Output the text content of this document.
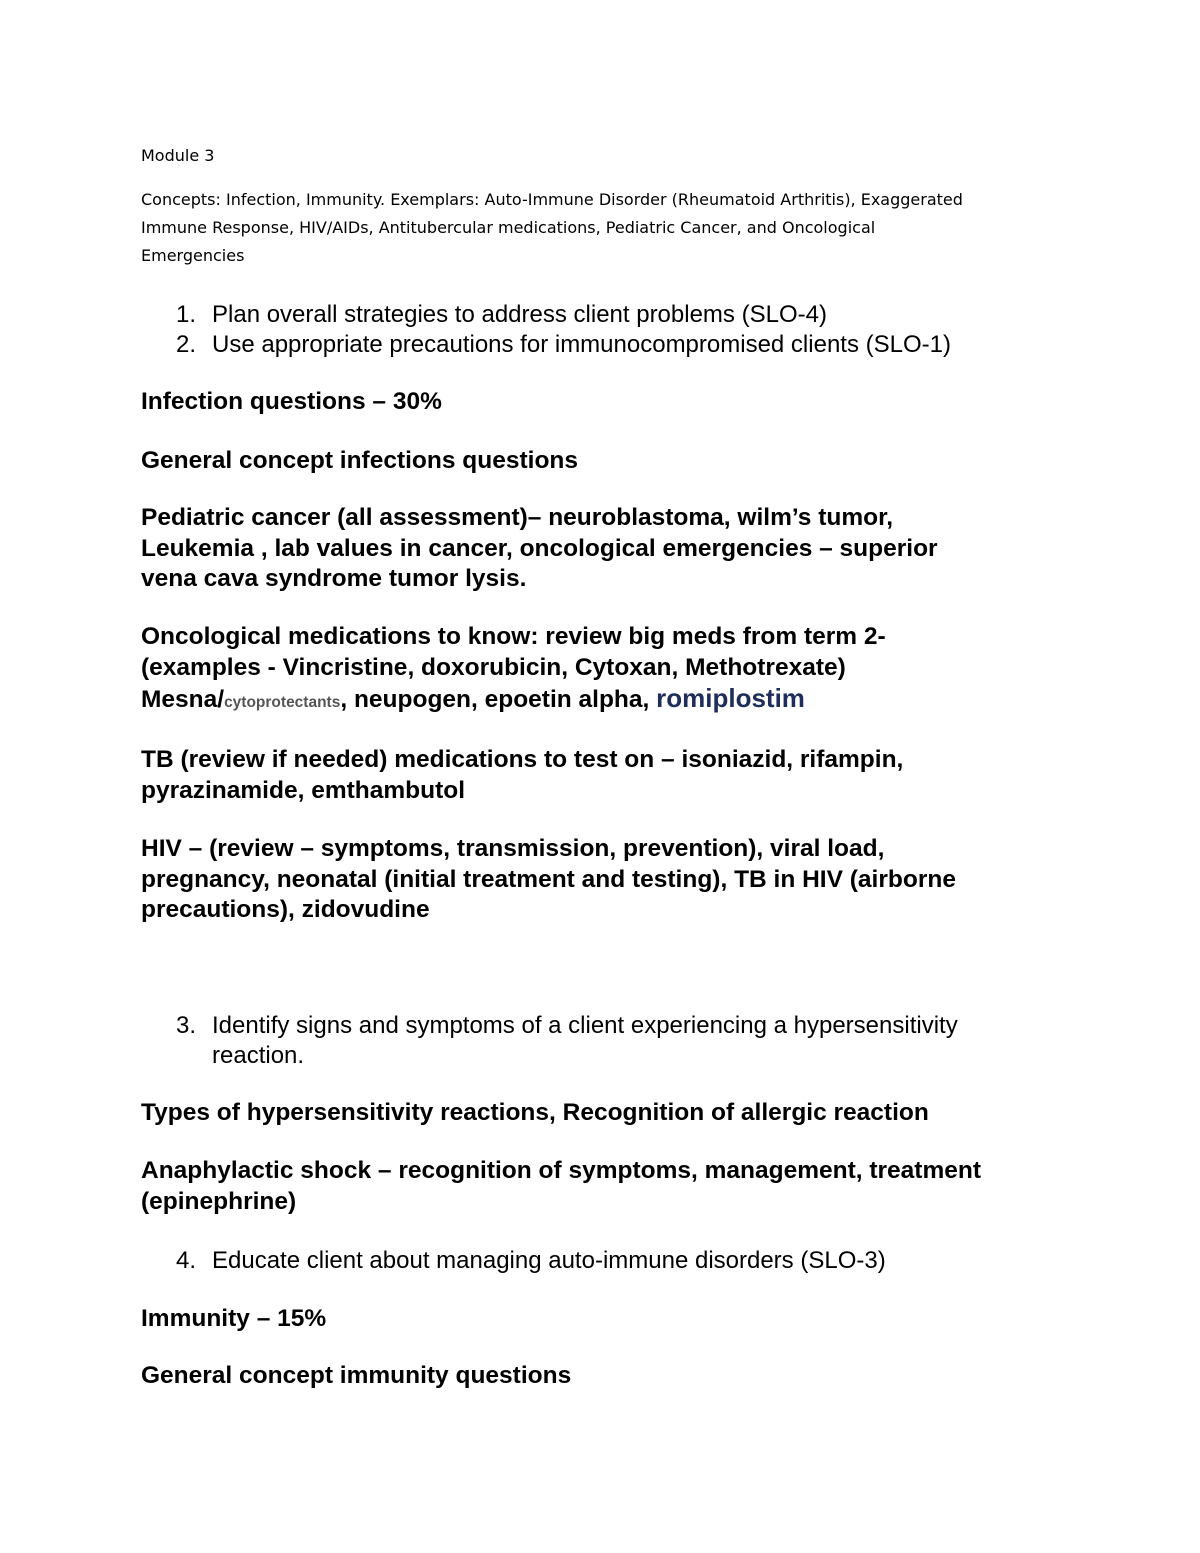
Module 3
Concepts: Infection, Immunity. Exemplars: Auto-Immune Disorder (Rheumatoid Arthritis), Exaggerated
Immune Response, HIV/AIDs, Antitubercular medications, Pediatric Cancer, and Oncological
Emergencies
1. Plan overall strategies to address client problems (SLO-4)
2. Use appropriate precautions for immunocompromised clients (SLO-1)
Infection questions – 30%
General concept infections questions
Pediatric cancer (all assessment)– neuroblastoma, wilm’s tumor,
Leukemia , lab values in cancer, oncological emergencies – superior
vena cava syndrome tumor lysis.
Oncological medications to know: review big meds from term 2-
(examples - Vincristine, doxorubicin, Cytoxan, Methotrexate)
Mesna/cytoprotectants, neupogen, epoetin alpha, romiplostim
TB (review if needed) medications to test on – isoniazid, rifampin,
pyrazinamide, emthambutol
HIV – (review – symptoms, transmission, prevention), viral load,
pregnancy, neonatal (initial treatment and testing), TB in HIV (airborne
precautions), zidovudine
3. Identify signs and symptoms of a client experiencing a hypersensitivity
reaction.
Types of hypersensitivity reactions, Recognition of allergic reaction
Anaphylactic shock – recognition of symptoms, management, treatment
(epinephrine)
4. Educate client about managing auto-immune disorders (SLO-3)
Immunity – 15%
General concept immunity questions
